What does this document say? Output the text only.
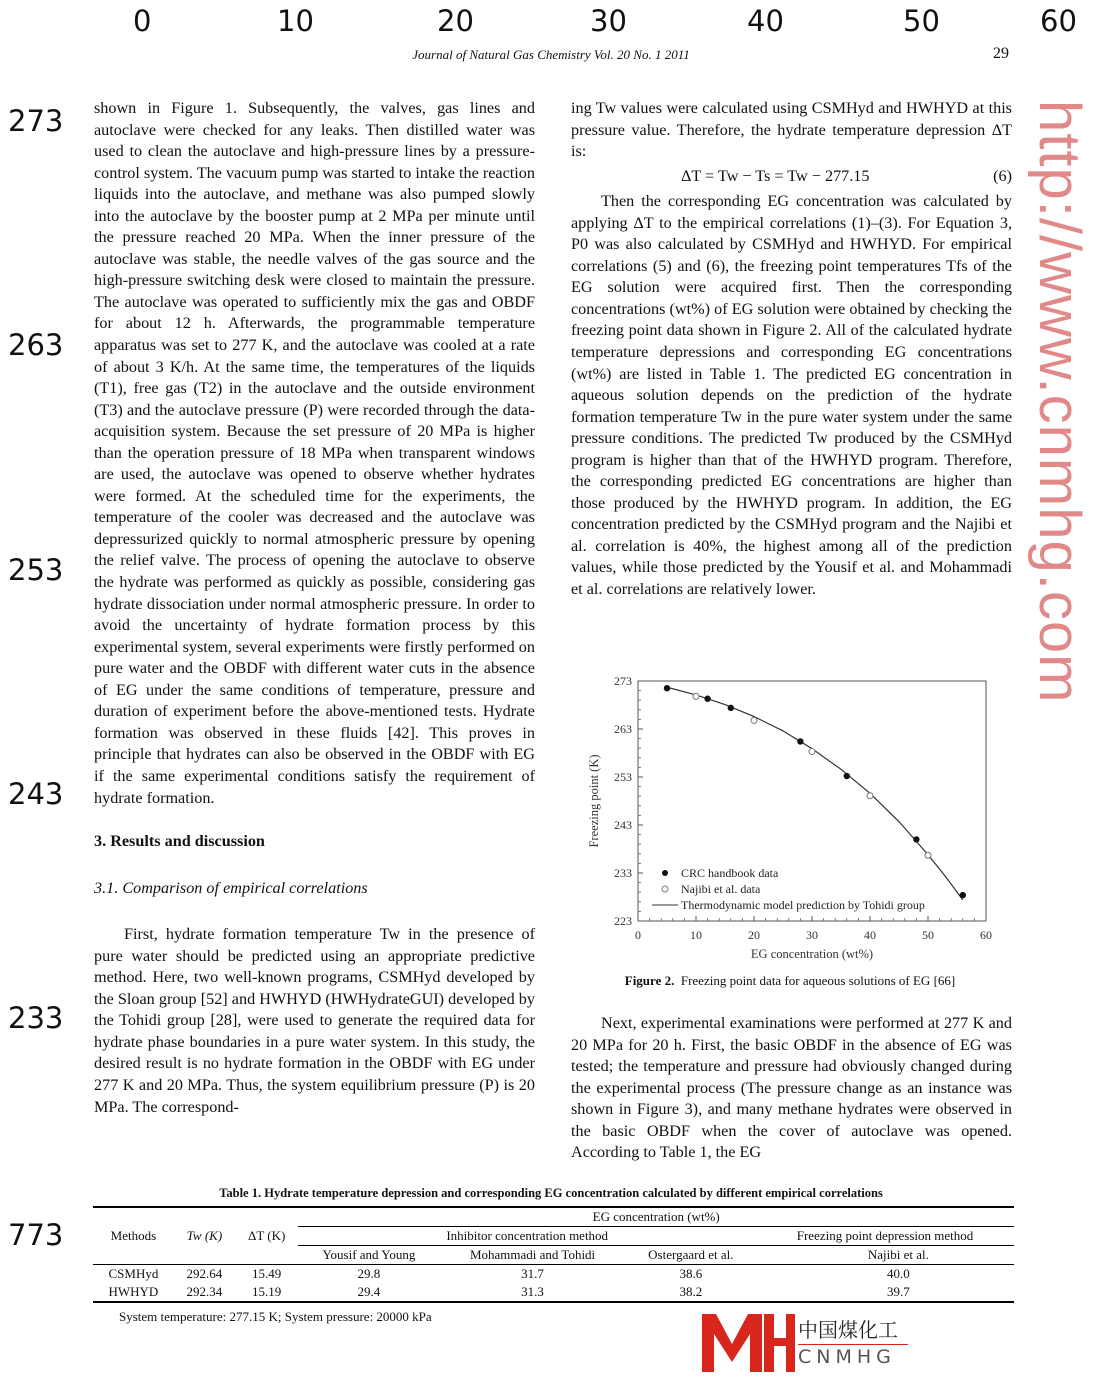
Journal of Natural Gas Chemistry Vol. 20 No. 1 2011	29

shown in Figure 1. Subsequently, the valves, gas lines and autoclave were checked for any leaks. Then distilled water was used to clean the autoclave and high-pressure lines by a pressure-control system. The vacuum pump was started to intake the reaction liquids into the autoclave, and methane was also pumped slowly into the autoclave by the booster pump at 2 MPa per minute until the pressure reached 20 MPa. When the inner pressure of the autoclave was stable, the needle valves of the gas source and the high-pressure switching desk were closed to maintain the pressure. The autoclave was operated to sufficiently mix the gas and OBDF for about 12 h. Afterwards, the programmable temperature apparatus was set to 277 K, and the autoclave was cooled at a rate of about 3 K/h. At the same time, the temperatures of the liquids (T1), free gas (T2) in the autoclave and the outside environment (T3) and the autoclave pressure (P) were recorded through the data-acquisition system. Because the set pressure of 20 MPa is higher than the operation pressure of 18 MPa when transparent windows are used, the autoclave was opened to observe whether hydrates were formed. At the scheduled time for the experiments, the temperature of the cooler was decreased and the autoclave was depressurized quickly to normal atmospheric pressure by opening the relief valve. The process of opening the autoclave to observe the hydrate was performed as quickly as possible, considering gas hydrate dissociation under normal atmospheric pressure. In order to avoid the uncertainty of hydrate formation process by this experimental system, several experiments were firstly performed on pure water and the OBDF with different water cuts in the absence of EG under the same conditions of temperature, pressure and duration of experiment before the above-mentioned tests. Hydrate formation was observed in these fluids [42]. This proves in principle that hydrates can also be observed in the OBDF with EG if the same experimental conditions satisfy the requirement of hydrate formation.

3. Results and discussion

3.1. Comparison of empirical correlations

First, hydrate formation temperature Tw in the presence of pure water should be predicted using an appropriate predictive method. Here, two well-known programs, CSMHyd developed by the Sloan group [52] and HWHYD (HWHydrateGUI) developed by the Tohidi group [28], were used to generate the required data for hydrate phase boundaries in a pure water system. In this study, the desired result is no hydrate formation in the OBDF with EG under 277 K and 20 MPa. Thus, the system equilibrium pressure (P) is 20 MPa. The correspond-

ing Tw values were calculated using CSMHyd and HWHYD at this pressure value. Therefore, the hydrate temperature depression ΔT is:

ΔT = Tw − Ts = Tw − 277.15	(6)

Then the corresponding EG concentration was calculated by applying ΔT to the empirical correlations (1)–(3). For Equation 3, P0 was also calculated by CSMHyd and HWHYD. For empirical correlations (5) and (6), the freezing point temperatures Tfs of the EG solution were acquired first. Then the corresponding concentrations (wt%) of EG solution were obtained by checking the freezing point data shown in Figure 2. All of the calculated hydrate temperature depressions and corresponding EG concentrations (wt%) are listed in Table 1. The predicted EG concentration in aqueous solution depends on the prediction of the hydrate formation temperature Tw in the pure water system under the same pressure conditions. The predicted Tw produced by the CSMHyd program is higher than that of the HWHYD program. Therefore, the corresponding predicted EG concentrations are higher than those produced by the HWHYD program. In addition, the EG concentration predicted by the CSMHyd program and the Najibi et al. correlation is 40%, the highest among all of the prediction values, while those predicted by the Yousif et al. and Mohammadi et al. correlations are relatively lower.

0	10	20	30	40	50	60
223
233
243
253
263
273
EG concentration (wt%)
Freezing point (K)
CRC handbook data
Najibi et al. data
Thermodynamic model prediction by Tohidi group
Figure 2. Freezing point data for aqueous solutions of EG [66]

Next, experimental examinations were performed at 277 K and 20 MPa for 20 h. First, the basic OBDF in the absence of EG was tested; the temperature and pressure had obviously changed during the experimental process (The pressure change as an instance was shown in Figure 3), and many methane hydrates were observed in the basic OBDF when the cover of autoclave was opened. According to Table 1, the EG

Table 1. Hydrate temperature depression and corresponding EG concentration calculated by different empirical correlations
Methods	Tw (K)	ΔT (K)	EG concentration (wt%)				
			Inhibitor concentration method			Freezing point depression method	
			Yousif and Young	Mohammadi and Tohidi	Ostergaard et al.		Najibi et al.
CSMHyd	292.64	15.49	29.8	31.7	38.6		40.0
HWHYD	292.34	15.19	29.4	31.3	38.2		39.7
System temperature: 277.15 K; System pressure: 20000 kPa
中国煤化工
CNMHG
http://www.cnmhg.com
273
263
253
243
233
773
0	10	20	30	40	50	60
